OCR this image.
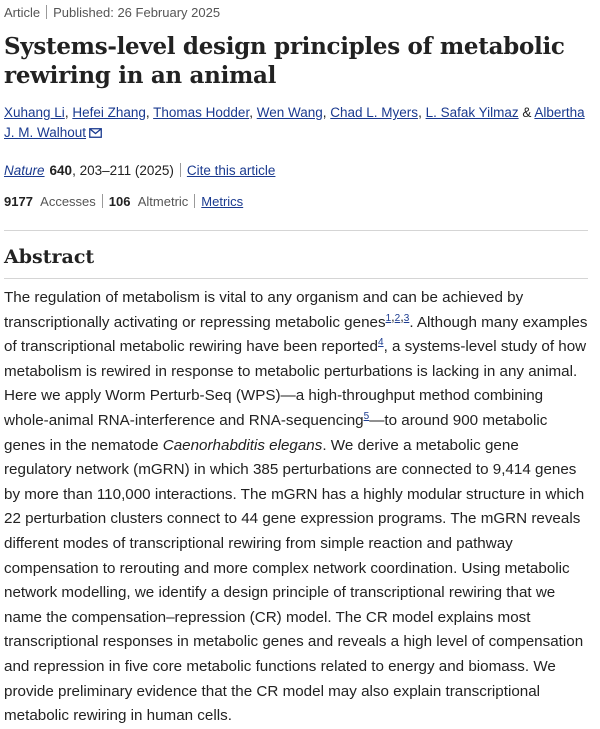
Article Published: 26 February 2025
Systems-level design principles of metabolic rewiring in an animal
Xuhang Li, Hefei Zhang, Thomas Hodder, Wen Wang, Chad L. Myers, L. Safak Yilmaz & Albertha J. M. Walhout
Nature 640, 203–211 (2025) Cite this article
9177 Accesses 106 Altmetric Metrics
Abstract

The regulation of metabolism is vital to any organism and can be achieved by transcriptionally activating or repressing metabolic genes$^{1,2,3}$. Although many examples of transcriptional metabolic rewiring have been reported$^4$, a systems-level study of how metabolism is rewired in response to metabolic perturbations is lacking in any animal. Here we apply Worm Perturb-Seq (WPS)—a high-throughput method combining whole-animal RNA-interference and RNA-sequencing$^5$—to around 900 metabolic genes in the nematode Caenorhabditis elegans. We derive a metabolic gene regulatory network (mGRN) in which 385 perturbations are connected to 9,414 genes by more than 110,000 interactions. The mGRN has a highly modular structure in which 22 perturbation clusters connect to 44 gene expression programs. The mGRN reveals different modes of transcriptional rewiring from simple reaction and pathway compensation to rerouting and more complex network coordination. Using metabolic network modelling, we identify a design principle of transcriptional rewiring that we name the compensation–repression (CR) model. The CR model explains most transcriptional responses in metabolic genes and reveals a high level of compensation and repression in five core metabolic functions related to energy and biomass. We provide preliminary evidence that the CR model may also explain transcriptional metabolic rewiring in human cells.
